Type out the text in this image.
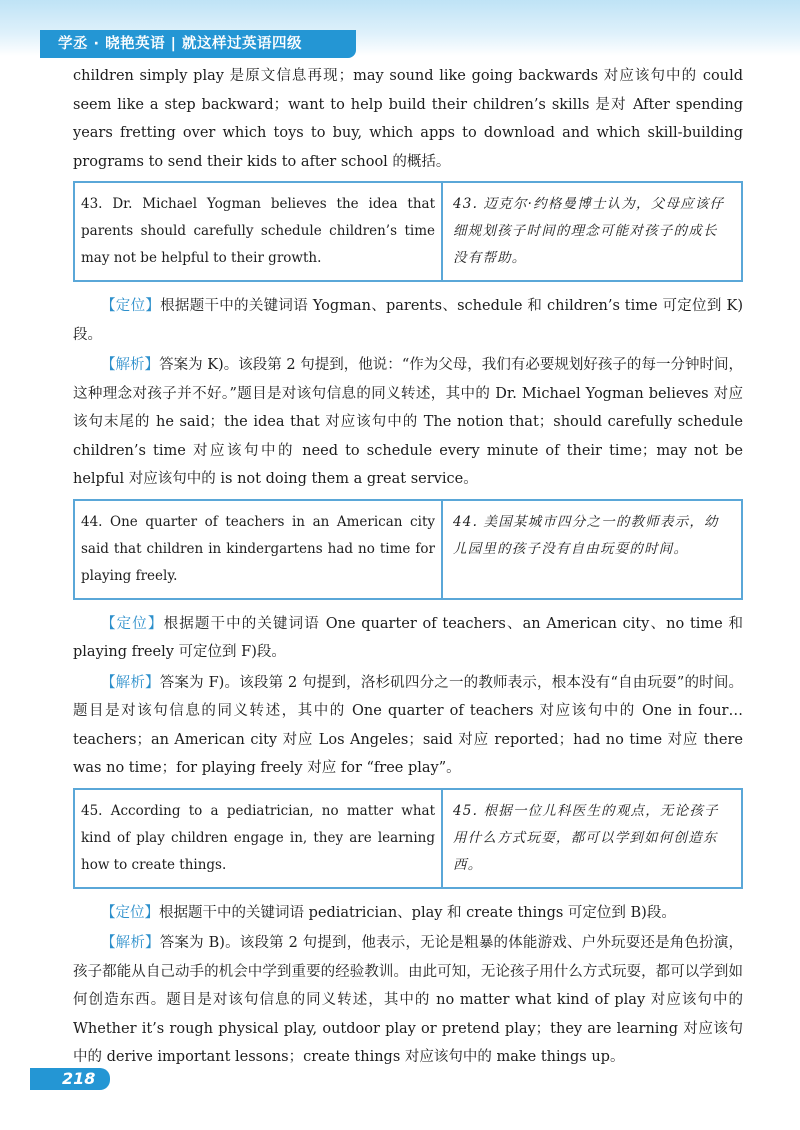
学丞 · 晓艳英语 | 就这样过英语四级

children simply play 是原文信息再现；may sound like going backwards 对应该句中的 could seem like a step backward；want to help build their children’s skills 是对 After spending years fretting over which toys to buy, which apps to download and which skill-building programs to send their kids to after school 的概括。

43. Dr. Michael Yogman believes the idea that parents should carefully schedule children’s time may not be helpful to their growth.
43. 迈克尔·约格曼博士认为，父母应该仔细规划孩子时间的理念可能对孩子的成长没有帮助。

【定位】根据题干中的关键词语 Yogman、parents、schedule 和 children’s time 可定位到 K)段。

【解析】答案为 K)。该段第 2 句提到，他说：“作为父母，我们有必要规划好孩子的每一分钟时间，这种理念对孩子并不好。”题目是对该句信息的同义转述，其中的 Dr. Michael Yogman believes 对应该句末尾的 he said；the idea that 对应该句中的 The notion that；should carefully schedule children’s time 对应该句中的 need to schedule every minute of their time；may not be helpful 对应该句中的 is not doing them a great service。

44. One quarter of teachers in an American city said that children in kindergartens had no time for playing freely.
44. 美国某城市四分之一的教师表示，幼儿园里的孩子没有自由玩耍的时间。

【定位】根据题干中的关键词语 One quarter of teachers、an American city、no time 和 playing freely 可定位到 F)段。

【解析】答案为 F)。该段第 2 句提到，洛杉矶四分之一的教师表示，根本没有“自由玩耍”的时间。题目是对该句信息的同义转述，其中的 One quarter of teachers 对应该句中的 One in four…teachers；an American city 对应 Los Angeles；said 对应 reported；had no time 对应 there was no time；for playing freely 对应 for “free play”。

45. According to a pediatrician, no matter what kind of play children engage in, they are learning how to create things.
45. 根据一位儿科医生的观点，无论孩子用什么方式玩耍，都可以学到如何创造东西。

【定位】根据题干中的关键词语 pediatrician、play 和 create things 可定位到 B)段。

【解析】答案为 B)。该段第 2 句提到，他表示，无论是粗暴的体能游戏、户外玩耍还是角色扮演，孩子都能从自己动手的机会中学到重要的经验教训。由此可知，无论孩子用什么方式玩耍，都可以学到如何创造东西。题目是对该句信息的同义转述，其中的 no matter what kind of play 对应该句中的 Whether it’s rough physical play, outdoor play or pretend play；they are learning 对应该句中的 derive important lessons；create things 对应该句中的 make things up。

218
